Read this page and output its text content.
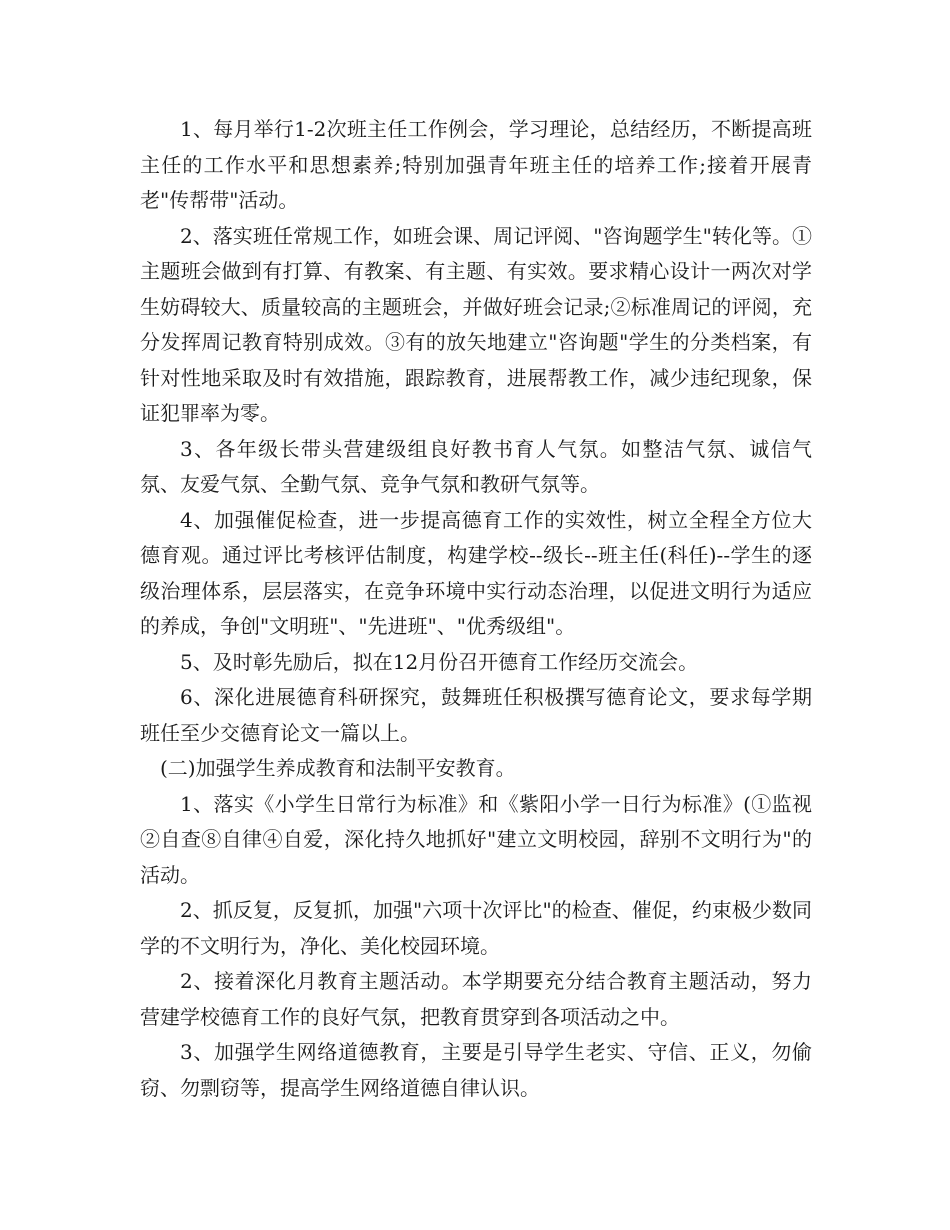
1、每月举行1-2次班主任工作例会，学习理论，总结经历，不断提高班主任的工作水平和思想素养;特别加强青年班主任的培养工作;接着开展青老"传帮带"活动。

2、落实班任常规工作，如班会课、周记评阅、"咨询题学生"转化等。①主题班会做到有打算、有教案、有主题、有实效。要求精心设计一两次对学生妨碍较大、质量较高的主题班会，并做好班会记录;②标准周记的评阅，充分发挥周记教育特别成效。③有的放矢地建立"咨询题"学生的分类档案，有针对性地采取及时有效措施，跟踪教育，进展帮教工作，减少违纪现象，保证犯罪率为零。

3、各年级长带头营建级组良好教书育人气氛。如整洁气氛、诚信气氛、友爱气氛、全勤气氛、竞争气氛和教研气氛等。

4、加强催促检查，进一步提高德育工作的实效性，树立全程全方位大德育观。通过评比考核评估制度，构建学校--级长--班主任(科任)--学生的逐级治理体系，层层落实，在竞争环境中实行动态治理，以促进文明行为适应的养成，争创"文明班"、"先进班"、"优秀级组"。

5、及时彰先励后，拟在12月份召开德育工作经历交流会。

6、深化进展德育科研探究，鼓舞班任积极撰写德育论文，要求每学期班任至少交德育论文一篇以上。

(二)加强学生养成教育和法制平安教育。

1、落实《小学生日常行为标准》和《紫阳小学一日行为标准》(①监视②自查⑧自律④自爱，深化持久地抓好"建立文明校园，辞别不文明行为"的活动。

2、抓反复，反复抓，加强"六项十次评比"的检查、催促，约束极少数同学的不文明行为，净化、美化校园环境。

2、接着深化月教育主题活动。本学期要充分结合教育主题活动，努力营建学校德育工作的良好气氛，把教育贯穿到各项活动之中。

3、加强学生网络道德教育，主要是引导学生老实、守信、正义，勿偷窃、勿剽窃等，提高学生网络道德自律认识。
